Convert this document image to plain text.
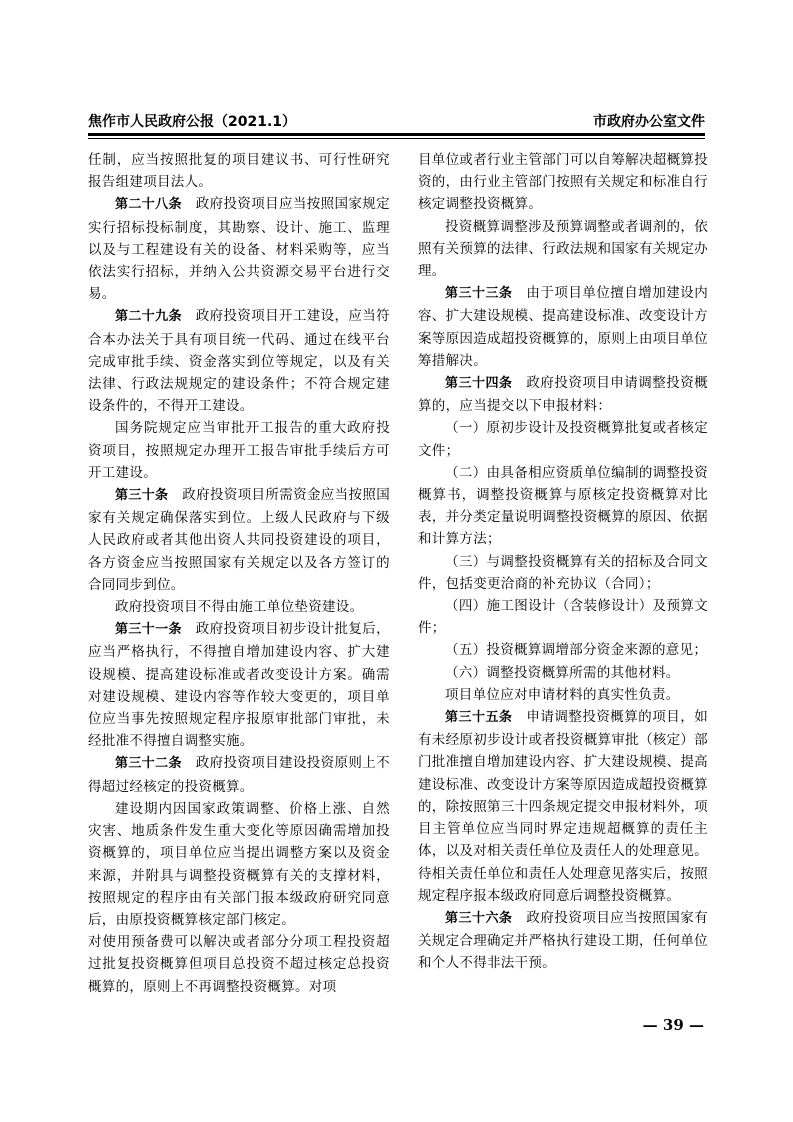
焦作市人民政府公报（2021.1）	市政府办公室文件

任制，应当按照批复的项目建议书、可行性研究报告组建项目法人。

第二十八条  政府投资项目应当按照国家规定实行招标投标制度，其勘察、设计、施工、监理以及与工程建设有关的设备、材料采购等，应当依法实行招标，并纳入公共资源交易平台进行交易。

第二十九条  政府投资项目开工建设，应当符合本办法关于具有项目统一代码、通过在线平台完成审批手续、资金落实到位等规定，以及有关法律、行政法规规定的建设条件；不符合规定建设条件的，不得开工建设。

国务院规定应当审批开工报告的重大政府投资项目，按照规定办理开工报告审批手续后方可开工建设。

第三十条  政府投资项目所需资金应当按照国家有关规定确保落实到位。上级人民政府与下级人民政府或者其他出资人共同投资建设的项目，各方资金应当按照国家有关规定以及各方签订的合同同步到位。

政府投资项目不得由施工单位垫资建设。

第三十一条  政府投资项目初步设计批复后，应当严格执行，不得擅自增加建设内容、扩大建设规模、提高建设标准或者改变设计方案。确需对建设规模、建设内容等作较大变更的，项目单位应当事先按照规定程序报原审批部门审批，未经批准不得擅自调整实施。

第三十二条  政府投资项目建设投资原则上不得超过经核定的投资概算。

建设期内因国家政策调整、价格上涨、自然灾害、地质条件发生重大变化等原因确需增加投资概算的，项目单位应当提出调整方案以及资金来源，并附具与调整投资概算有关的支撑材料，按照规定的程序由有关部门报本级政府研究同意后，由原投资概算核定部门核定。

对使用预备费可以解决或者部分分项工程投资超过批复投资概算但项目总投资不超过核定总投资概算的，原则上不再调整投资概算。对项

目单位或者行业主管部门可以自筹解决超概算投资的，由行业主管部门按照有关规定和标准自行核定调整投资概算。

投资概算调整涉及预算调整或者调剂的，依照有关预算的法律、行政法规和国家有关规定办理。

第三十三条  由于项目单位擅自增加建设内容、扩大建设规模、提高建设标准、改变设计方案等原因造成超投资概算的，原则上由项目单位筹措解决。

第三十四条  政府投资项目申请调整投资概算的，应当提交以下申报材料：

（一）原初步设计及投资概算批复或者核定文件；

（二）由具备相应资质单位编制的调整投资概算书，调整投资概算与原核定投资概算对比表，并分类定量说明调整投资概算的原因、依据和计算方法；

（三）与调整投资概算有关的招标及合同文件，包括变更洽商的补充协议（合同）；

（四）施工图设计（含装修设计）及预算文件；

（五）投资概算调增部分资金来源的意见；

（六）调整投资概算所需的其他材料。

项目单位应对申请材料的真实性负责。

第三十五条  申请调整投资概算的项目，如有未经原初步设计或者投资概算审批（核定）部门批准擅自增加建设内容、扩大建设规模、提高建设标准、改变设计方案等原因造成超投资概算的，除按照第三十四条规定提交申报材料外，项目主管单位应当同时界定违规超概算的责任主体，以及对相关责任单位及责任人的处理意见。待相关责任单位和责任人处理意见落实后，按照规定程序报本级政府同意后调整投资概算。

第三十六条  政府投资项目应当按照国家有关规定合理确定并严格执行建设工期，任何单位和个人不得非法干预。

— 39 —
